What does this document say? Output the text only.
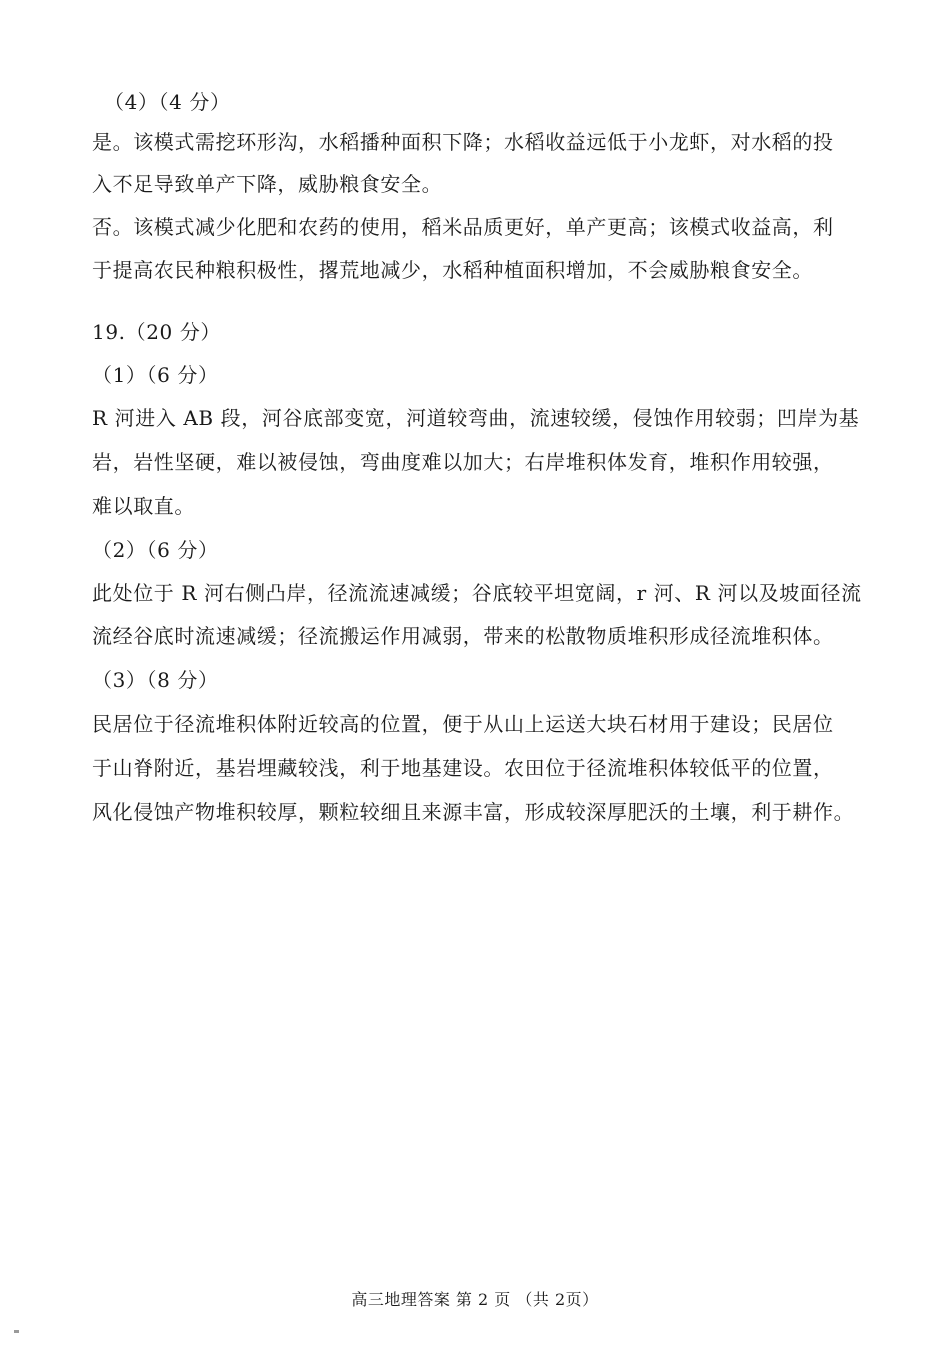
（4）（4 分）
是。该模式需挖环形沟，水稻播种面积下降；水稻收益远低于小龙虾，对水稻的投
入不足导致单产下降，威胁粮食安全。
否。该模式减少化肥和农药的使用，稻米品质更好，单产更高；该模式收益高，利
于提高农民种粮积极性，撂荒地减少，水稻种植面积增加，不会威胁粮食安全。
19.（20 分）
（1）（6 分）
R 河进入 AB 段，河谷底部变宽，河道较弯曲，流速较缓，侵蚀作用较弱；凹岸为基
岩，岩性坚硬，难以被侵蚀，弯曲度难以加大；右岸堆积体发育，堆积作用较强，
难以取直。
（2）（6 分）
此处位于 R 河右侧凸岸，径流流速减缓；谷底较平坦宽阔，r 河、R 河以及坡面径流
流经谷底时流速减缓；径流搬运作用减弱，带来的松散物质堆积形成径流堆积体。
（3）（8 分）
民居位于径流堆积体附近较高的位置，便于从山上运送大块石材用于建设；民居位
于山脊附近，基岩埋藏较浅，利于地基建设。农田位于径流堆积体较低平的位置，
风化侵蚀产物堆积较厚，颗粒较细且来源丰富，形成较深厚肥沃的土壤，利于耕作。
高三地理答案 第 2 页 （共 2页）
